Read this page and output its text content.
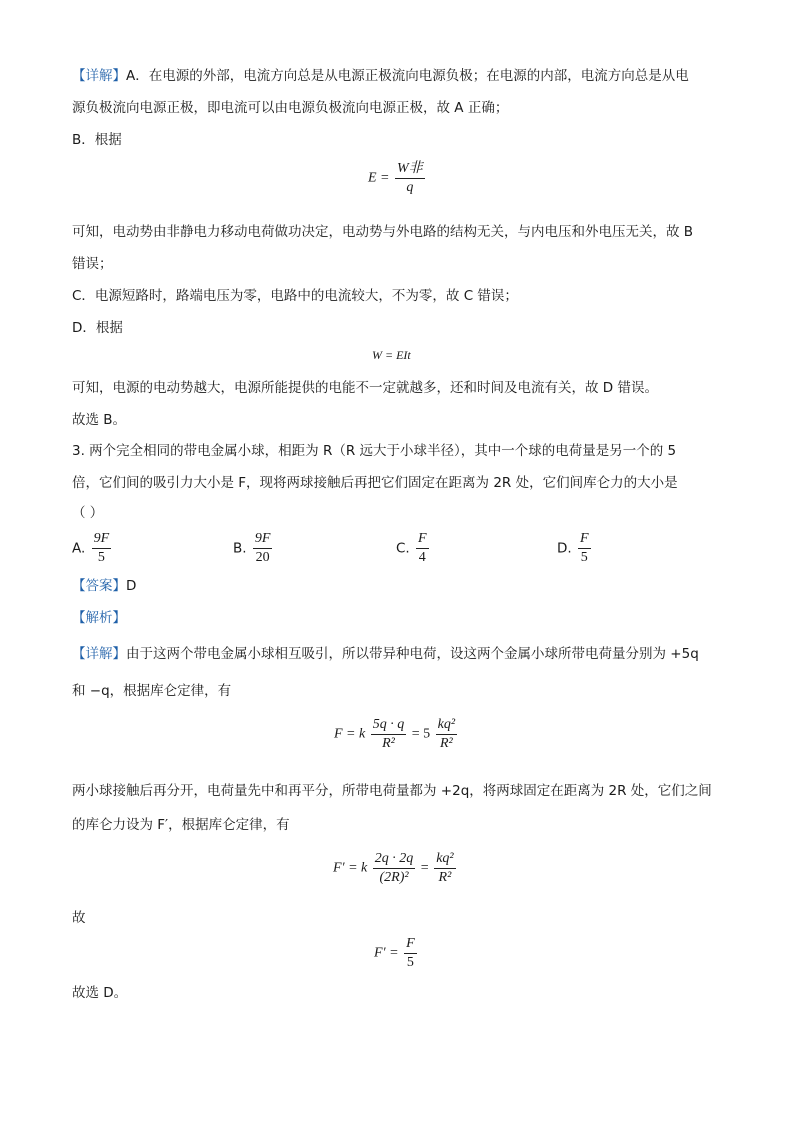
【详解】A．在电源的外部，电流方向总是从电源正极流向电源负极；在电源的内部，电流方向总是从电
源负极流向电源正极，即电流可以由电源负极流向电源正极，故 A 正确；
B．根据
$E = \frac{\text{W非}}{q}$
可知，电动势由非静电力移动电荷做功决定，电动势与外电路的结构无关，与内电压和外电压无关，故 B
错误；
C．电源短路时，路端电压为零，电路中的电流较大，不为零，故 C 错误；
D．根据
W = EIt
可知，电源的电动势越大，电源所能提供的电能不一定就越多，还和时间及电流有关，故 D 错误。
故选 B。
3. 两个完全相同的带电金属小球，相距为 R（R 远大于小球半径），其中一个球的电荷量是另一个的 5
倍，它们间的吸引力大小是 F，现将两球接触后再把它们固定在距离为 2R 处，它们间库仑力的大小是
（ ）
A. $\frac{9F}{5}$	B. $\frac{9F}{20}$	C. $\frac{F}{4}$	D. $\frac{F}{5}$
【答案】D
【解析】
【详解】由于这两个带电金属小球相互吸引，所以带异种电荷，设这两个金属小球所带电荷量分别为 +5q
和 −q，根据库仑定律，有
F = k $\frac{5q \cdot q}{\text{R²}} = 5 \frac{\text{kq²}}{\text{R²}}$
两小球接触后再分开，电荷量先中和再平分，所带电荷量都为 +2q，将两球固定在距离为 2R 处，它们之间
的库仑力设为 F′，根据库仑定律，有
F′ = k $\frac{2q \cdot 2q}{\text{(2R)²}} = \frac{\text{kq²}}{\text{R²}}$
故
$F' = \frac{F}{5}$
故选 D。
